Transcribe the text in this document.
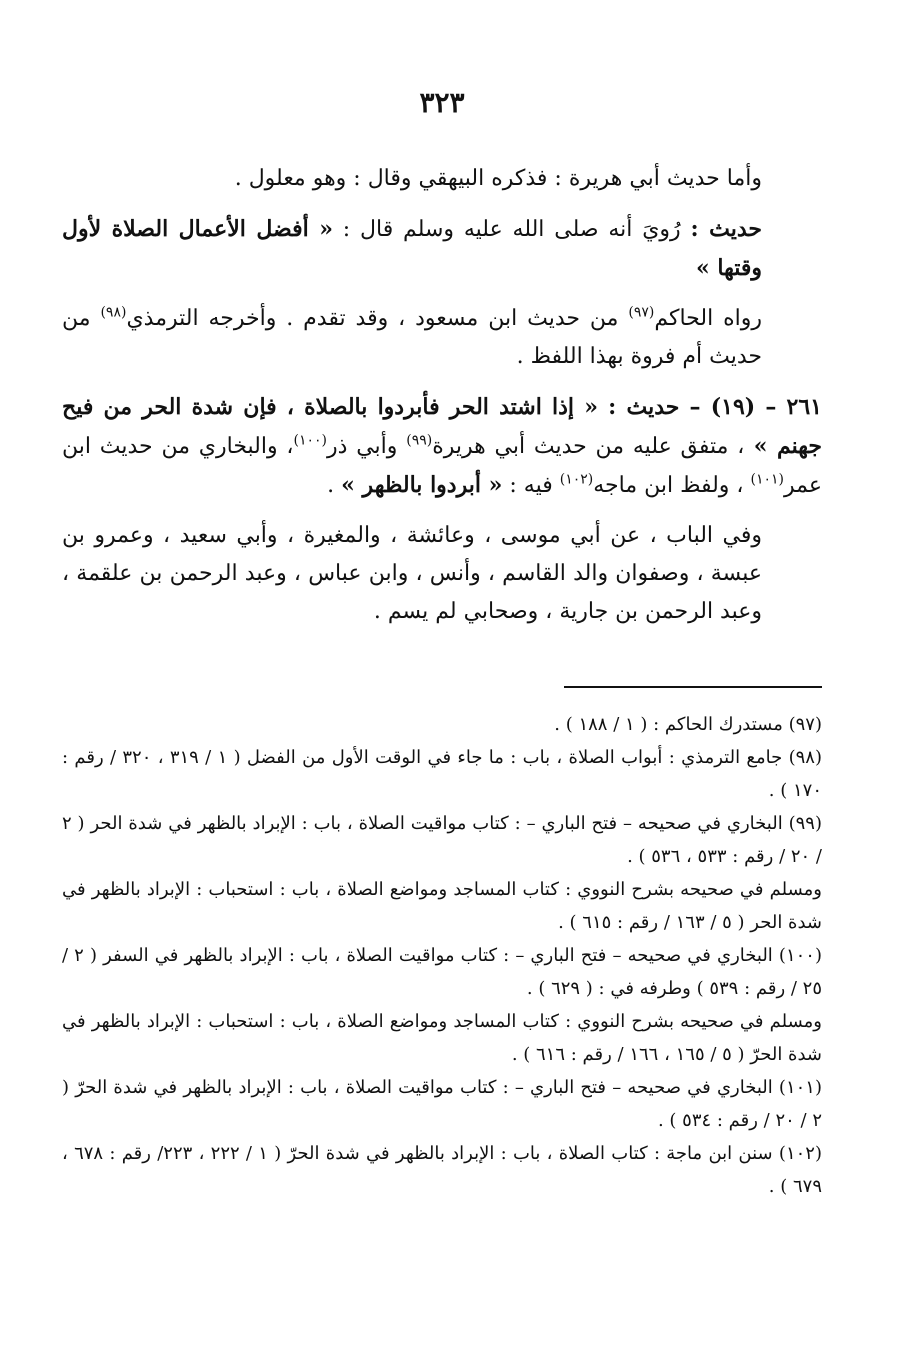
٣٢٣

وأما حديث أبي هريرة : فذكره البيهقي وقال : وهو معلول .

حديث : رُويَ أنه صلى الله عليه وسلم قال : « أفضل الأعمال الصلاة لأول وقتها »

رواه الحاكم$^{(٩٧)}$ من حديث ابن مسعود ، وقد تقدم . وأخرجه الترمذي$^{(٩٨)}$ من حديث أم فروة بهذا اللفظ .

٢٦١ – (١٩) – حديث : « إذا اشتد الحر فأبردوا بالصلاة ، فإن شدة الحر من فيح جهنم » ، متفق عليه من حديث أبي هريرة$^{(٩٩)}$ وأبي ذر$^{(١٠٠)}$، والبخاري من حديث ابن عمر$^{(١٠١)}$ ، ولفظ ابن ماجه$^{(١٠٢)}$ فيه : « أبردوا بالظهر » .

وفي الباب ، عن أبي موسى ، وعائشة ، والمغيرة ، وأبي سعيد ، وعمرو بن عبسة ، وصفوان والد القاسم ، وأنس ، وابن عباس ، وعبد الرحمن بن علقمة ، وعبد الرحمن بن جارية ، وصحابي لم يسم .

(٩٧) مستدرك الحاكم : ( ١ / ١٨٨ ) .

(٩٨) جامع الترمذي : أبواب الصلاة ، باب : ما جاء في الوقت الأول من الفضل ( ١ / ٣١٩ ، ٣٢٠ / رقم : ١٧٠ ) .

(٩٩) البخاري في صحيحه – فتح الباري – : كتاب مواقيت الصلاة ، باب : الإبراد بالظهر في شدة الحر ( ٢ / ٢٠ / رقم : ٥٣٣ ، ٥٣٦ ) .

ومسلم في صحيحه بشرح النووي : كتاب المساجد ومواضع الصلاة ، باب : استحباب : الإبراد بالظهر في شدة الحر ( ٥ / ١٦٣ / رقم : ٦١٥ ) .

(١٠٠) البخاري في صحيحه – فتح الباري – : كتاب مواقيت الصلاة ، باب : الإبراد بالظهر في السفر ( ٢ / ٢٥ / رقم : ٥٣٩ ) وطرفه في : ( ٦٢٩ ) .

ومسلم في صحيحه بشرح النووي : كتاب المساجد ومواضع الصلاة ، باب : استحباب : الإبراد بالظهر في شدة الحرّ ( ٥ / ١٦٥ ، ١٦٦ / رقم : ٦١٦ ) .

(١٠١) البخاري في صحيحه – فتح الباري – : كتاب مواقيت الصلاة ، باب : الإبراد بالظهر في شدة الحرّ ( ٢ / ٢٠ / رقم : ٥٣٤ ) .

(١٠٢) سنن ابن ماجة : كتاب الصلاة ، باب : الإبراد بالظهر في شدة الحرّ ( ١ / ٢٢٢ ، ٢٢٣/ رقم : ٦٧٨ ، ٦٧٩ ) .
